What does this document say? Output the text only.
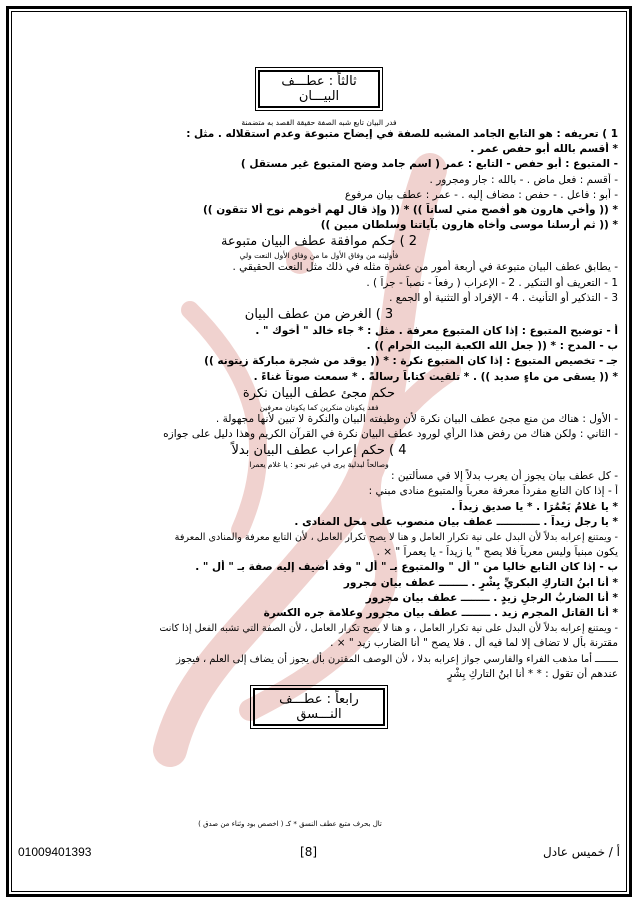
ثالثاً : عطـــف البيـــان
فدر البيان تابع شبه الصفة حقيقة القصد به متضمنة
1 ) تعريفه : هو التابع الجامد المشبه للصفة في إيضاح متبوعة وعدم استقلاله . مثل :
* أقسم بالله أبو حفص عمر .
- المتبوع : أبو حفص - التابع : عمر ( اسم جامد وضح المتبوع غير مستقل )
- أقسم : فعل ماض . - بالله : جار ومجرور .
- أبو : فاعل . - حفص : مضاف إليه . - عمر : عطف بيان مرفوع
* (( وأخي هارون هو أفصح مني لساناً )) * (( وإذ قال لهم أخوهم نوح ألا تتقون ))
* (( ثم أرسلنا موسى وأخاه هارون بآياتنا وسلطان مبين ))
2 ) حكم موافقة عطف البيان متبوعة
فأولينه من وفاق الأول ما من وفاق الأول النعت ولي
- يطابق عطف البيان متبوعة في أربعة أمور من عشرة مثله في ذلك مثل النعت الحقيقي .
1 - التعريف أو التنكير . 2 - الإعراب ( رفعاً - نصباً - جراً ) .
3 - التذكير أو التأنيث . 4 - الإفراد أو التثنية أو الجمع .
3 ) الغرض من عطف البيان
أ - توضيح المتبوع : إذا كان المتبوع معرفة . مثل : * جاء خالد " أخوك " .
ب - المدح : * (( جعل الله الكعبة البيت الحرام )) .
جـ - تخصيص المتبوع : إذا كان المتبوع نكرة : * (( يوقد من شجرة مباركة زيتونه ))
* (( يسقى من ماءٍ صديد )) . * تلقيت كتاباً رسالةً . * سمعت صوتاً غناءً .
حكم مجئ عطف البيان نكرة
فقد يكونان منكرين كما يكونان معرفين
- الأول : هناك من منع مجئ عطف البيان نكرة لأن وظيفته البيان والنكرة لا تبين لأنها مجهولة .
- الثاني : ولكن هناك من رفض هذا الرأي لورود عطف البيان نكرة في القرآن الكريم وهذا دليل على جوازه
4 ) حكم إعراب عطف البيان بدلاً
وصالحاً لبدلية يرى في غير نحو : يا غلام يعمرا
- كل عطف بيان يجوز أن يعرب بدلاً إلا في مسألتين :
أ - إذا كان التابع مفرداً معرفة معرباً والمتبوع منادى مبني :
* يا غلامُ يَعْمُرَا . * يا صديق زيداً .
* يا رجل زيداً . ــــــــــــ عطف بيان منصوب على محل المنادى .
- ويمتنع إعرابه بدلاً لأن البدل على نية تكرار العامل و هنا لا يصح تكرار العامل ، لأن التابع معرفة والمنادى المعرفة
يكون مبنياً وليس معرباً فلا يصح " يا زيداً - يا يعمراً " × .
ب - إذا كان التابع خاليا من " أل " والمتبوع بـ " أل " وقد أضيف إليه صفة بـ " أل " .
* أنا ابنُ التاركِ البكريِّ بِشْرٍ . ــــــــ عطف بيان مجرور
* أنا الضاربُ الرجلِ زيدٍ . ــــــــ عطف بيان مجرور
* أنا القاتل المجرم زيد . ــــــــ عطف بيان مجرور وعلامة جره الكسرة
- ويمتنع إعرابه بدلاً لأن البدل على نية تكرار العامل ، و هنا لا يصح تكرار العامل ، لأن الصفة التي تشبه الفعل إذا كانت
مقترنة بأل لا تضاف إلا لما فيه أل . فلا يصح " أنا الضارب زيد " × .
ــــــــ أما مذهب الفراء والفارسي جواز إعرابه بدلا ، لأن الوصف المقترن بأل يجوز أن يضاف إلى العلم ، فيجوز
عندهم أن تقول : * * أنا ابنُ التاركِ بِشْرٍ
رابعاً : عطـــف النـــسق
تال بحرف متبع عطف النسق * كـ ( اخصص بود وثناء من صدق )
أ / خميس عادل
[8]
01009401393
